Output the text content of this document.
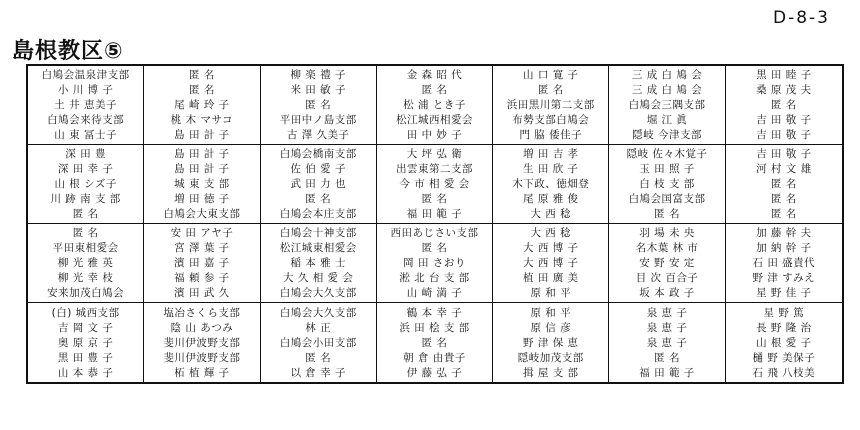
D-8-3
島根教区⑤
白鳩会温泉津支部
小 川 博 子
土 井 恵美子
白鳩会来待支部
山 東 冨士子
深 田 豊
深 田 幸 子
山 根 シズ子
川 跡 南 支 部
匿 名
匿 名
平田東相愛会
柳 光 雅 英
柳 光 幸 枝
安来加茂白鳩会
(白) 城西支部
吉 岡 文 子
奥 原 京 子
黒 田 豊 子
山 本 恭 子
匿 名
匿 名
尾 崎 玲 子
桃 木 マサコ
島 田 計 子
島 田 計 子
島 田 計 子
城 東 支 部
増 田 徳 子
白鳩会大東支部
安 田 アヤ子
宮 澤 葉 子
濱 田 嘉 子
福 頼 参 子
濱 田 武 久
塩冶さくら支部
陰 山 あつみ
斐川伊波野支部
斐川伊波野支部
柘 植 輝 子
柳 楽 禮 子
米 田 敏 子
匿 名
平田中ノ島支部
古 澤 久美子
白鳩会橋南支部
佐 伯 愛 子
武 田 力 也
匿 名
白鳩会本庄支部
白鳩会十神支部
松江城東相愛会
稲 本 雅 士
大 久 相 愛 会
白鳩会大久支部
白鳩会大久支部
林 正
白鳩会小田支部
匿 名
以 倉 幸 子
金 森 昭 代
匿 名
松 浦 とき子
松江城西相愛会
田 中 妙 子
大 坪 弘 衛
出雲東第二支部
今 市 相 愛 会
匿 名
福 田 範 子
西田あじさい支部
匿 名
岡 田 さおり
淞 北 台 支 部
山 崎 満 子
鶴 本 幸 子
浜 田 桧 支 部
匿 名
朝 倉 由貴子
伊 藤 弘 子
山 口 寛 子
匿 名
浜田黒川第二支部
布勢支部白鳩会
門 脇 倭佳子
増 田 吉 孝
生 田 欣 子
木下政、徳畑登
尾 原 雅 俊
大 西 稔
大 西 稔
大 西 博 子
大 西 博 子
植 田 廣 美
原 和 平
原 和 平
原 信 彦
野 津 保 恵
隠岐加茂支部
揖 屋 支 部
三 成 白 鳩 会
三 成 白 鳩 会
白鳩会三隅支部
堀 江 眞
隠岐 今津支部
隠岐 佐々木覚子
玉 田 照 子
白 枝 支 部
白鳩会国富支部
匿 名
羽 場 未 央
名木葉 林 市
安 野 安 定
目 次 百合子
坂 本 政 子
泉 恵 子
泉 恵 子
泉 恵 子
匿 名
福 田 範 子
黒 田 睦 子
桑 原 茂 夫
匿 名
吉 田 敬 子
吉 田 敬 子
吉 田 敬 子
河 村 文 雄
匿 名
匿 名
匿 名
加 藤 幹 夫
加 納 幹 子
石 田 盛責代
野 津 すみえ
星 野 佳 子
星 野 篤
長 野 隆 治
山 根 愛 子
樋 野 美保子
石 飛 八枝美
